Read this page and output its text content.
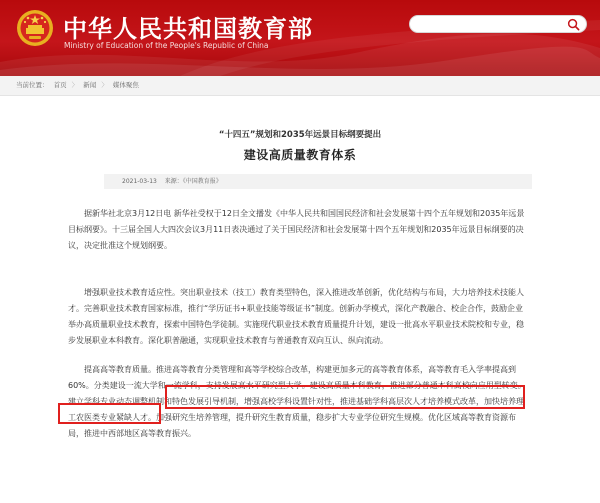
中华人民共和国教育部
Ministry of Education of the People's Republic of China
当前位置： 首页 〉 新闻 〉 媒体聚焦
“十四五”规划和2035年远景目标纲要提出
建设高质量教育体系
2021-03-13 来源：《中国教育报》

据新华社北京3月12日电 新华社受权于12日全文播发《中华人民共和国国民经济和社会发展第十四个五年规划和2035年远景目标纲要》。十三届全国人大四次会议3月11日表决通过了关于国民经济和社会发展第十四个五年规划和2035年远景目标纲要的决议，决定批准这个规划纲要。

增强职业技术教育适应性。突出职业技术（技工）教育类型特色，深入推进改革创新，优化结构与布局，大力培养技术技能人才。完善职业技术教育国家标准，推行“学历证书+职业技能等级证书”制度。创新办学模式，深化产教融合、校企合作，鼓励企业举办高质量职业技术教育，探索中国特色学徒制。实施现代职业技术教育质量提升计划，建设一批高水平职业技术院校和专业，稳步发展职业本科教育。深化职普融通，实现职业技术教育与普通教育双向互认、纵向流动。

提高高等教育质量。推进高等教育分类管理和高等学校综合改革，构建更加多元的高等教育体系，高等教育毛入学率提高到60%。分类建设一流大学和一流学科，支持发展高水平研究型大学。建设高质量本科教育，推进部分普通本科高校向应用型转变。建立学科专业动态调整机制和特色发展引导机制，增强高校学科设置针对性，推进基础学科高层次人才培养模式改革，加快培养理工农医类专业紧缺人才。加强研究生培养管理，提升研究生教育质量，稳步扩大专业学位研究生规模。优化区域高等教育资源布局，推进中西部地区高等教育振兴。
